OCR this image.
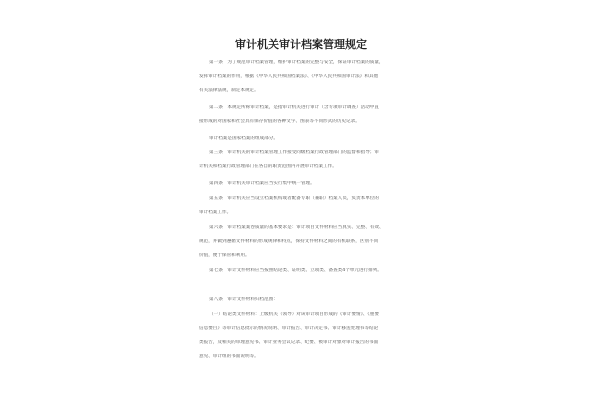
审计机关审计档案管理规定
第一条　为了规范审计档案管理，维护审计档案的完整与安全，保证审计档案的质量，
发挥审计档案的作用，根据《中华人民共和国档案法》、《中华人民共和国审计法》和其他
有关法律法规，制定本规定。
第二条　本规定所称审计档案，是指审计机关进行审计（含专项审计调查）活动中直
接形成的对国家和社会具有保存价值的各种文字、图表等不同形式的历史记录。
审计档案是国家档案的组成部分。
第三条　审计机关的审计档案管理工作接受同级档案行政管理部门的监督和指导；审
计机关和档案行政管理部门在各自的职责范围内开展审计档案工作。
第四条　审计机关审计档案应当实行集中统一管理。
第五条　审计机关应当设立档案机构或者配备专职（兼职）档案人员，负责本单位的
审计档案工作。
第六条　审计档案案卷质量的基本要求是：审计项目文件材料应当真实、完整、有效、
规范，并做到遵循文件材料的形成规律和特点，保持文件材料之间的有机联系，区别不同
价值，便于保管和利用。
第七条　审计文件材料应当按照结论类、证明类、立项类、备查类4个单元进行排列。
第八条　审计文件材料归档范围：
（一）结论类文件材料：上级机关（领导）对该审计项目形成的《审计要情》、《重要
信息要目》等审计信息批示的情况说明、审计报告、审计决定书、审计移送处理书等结论
类报告，及相关的审理意见书、审计业务会议记录、纪要、被审计对象对审计报告的书面
意见、审计组的书面说明等。
